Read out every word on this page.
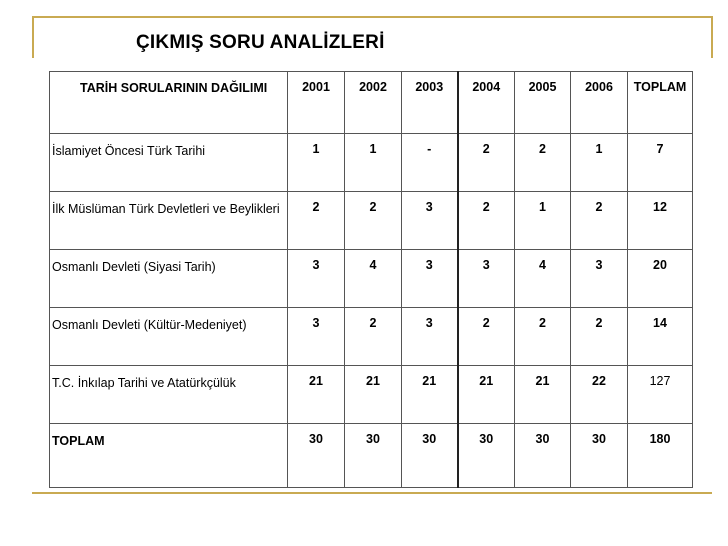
ÇIKMIŞ SORU ANALİZLERİ
TARİH SORULARININ DAĞILIMI	2001	2002	2003	2004	2005	2006	TOPLAM
İslamiyet Öncesi Türk Tarihi	1	1	-	2	2	1	7
İlk Müslüman Türk Devletleri ve Beylikleri	2	2	3	2	1	2	12
Osmanlı Devleti (Siyasi Tarih)	3	4	3	3	4	3	20
Osmanlı Devleti (Kültür-Medeniyet)	3	2	3	2	2	2	14
T.C. İnkılap Tarihi ve Atatürkçülük	21	21	21	21	21	22	127
TOPLAM	30	30	30	30	30	30	180
